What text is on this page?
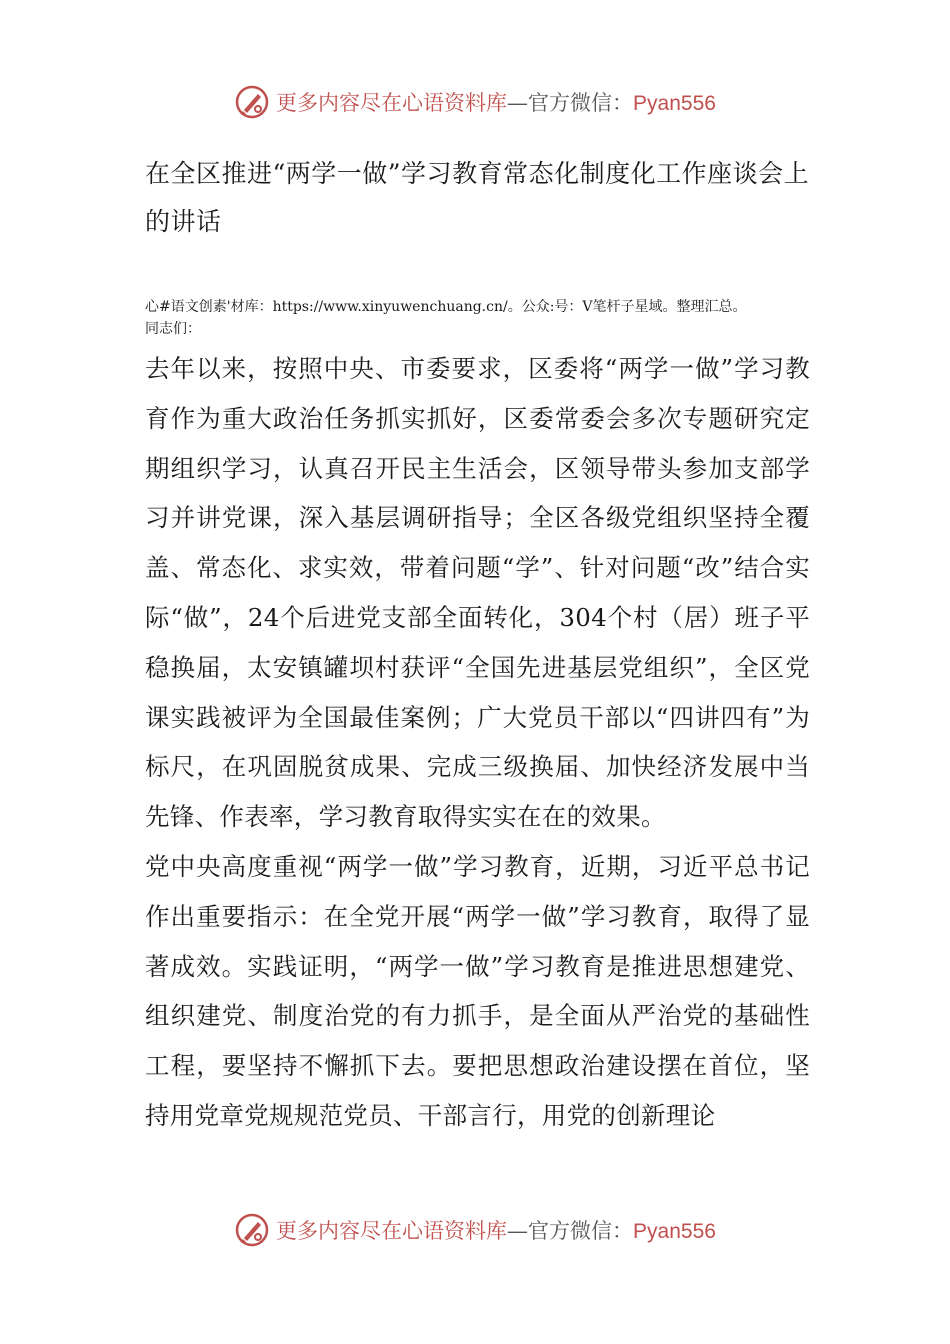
更多内容尽在心语资料库—官方微信：Pyan556
在全区推进“两学一做”学习教育常态化制度化工作座谈会上的讲话
心#语文创素'材库：https://www.xinyuwenchuang.cn/。公众:号：V笔杆子星域。整理汇总。
同志们：

去年以来，按照中央、市委要求，区委将“两学一做”学习教育作为重大政治任务抓实抓好，区委常委会多次专题研究定期组织学习，认真召开民主生活会，区领导带头参加支部学习并讲党课，深入基层调研指导；全区各级党组织坚持全覆盖、常态化、求实效，带着问题“学”、针对问题“改”结合实际“做”，24个后进党支部全面转化，304个村（居）班子平稳换届，太安镇罐坝村获评“全国先进基层党组织”，全区党课实践被评为全国最佳案例；广大党员干部以“四讲四有”为标尺，在巩固脱贫成果、完成三级换届、加快经济发展中当先锋、作表率，学习教育取得实实在在的效果。

党中央高度重视“两学一做”学习教育，近期，习近平总书记作出重要指示：在全党开展“两学一做”学习教育，取得了显著成效。实践证明，“两学一做”学习教育是推进思想建党、组织建党、制度治党的有力抓手，是全面从严治党的基础性工程，要坚持不懈抓下去。要把思想政治建设摆在首位，坚持用党章党规规范党员、干部言行，用党的创新理论

更多内容尽在心语资料库—官方微信：Pyan556
